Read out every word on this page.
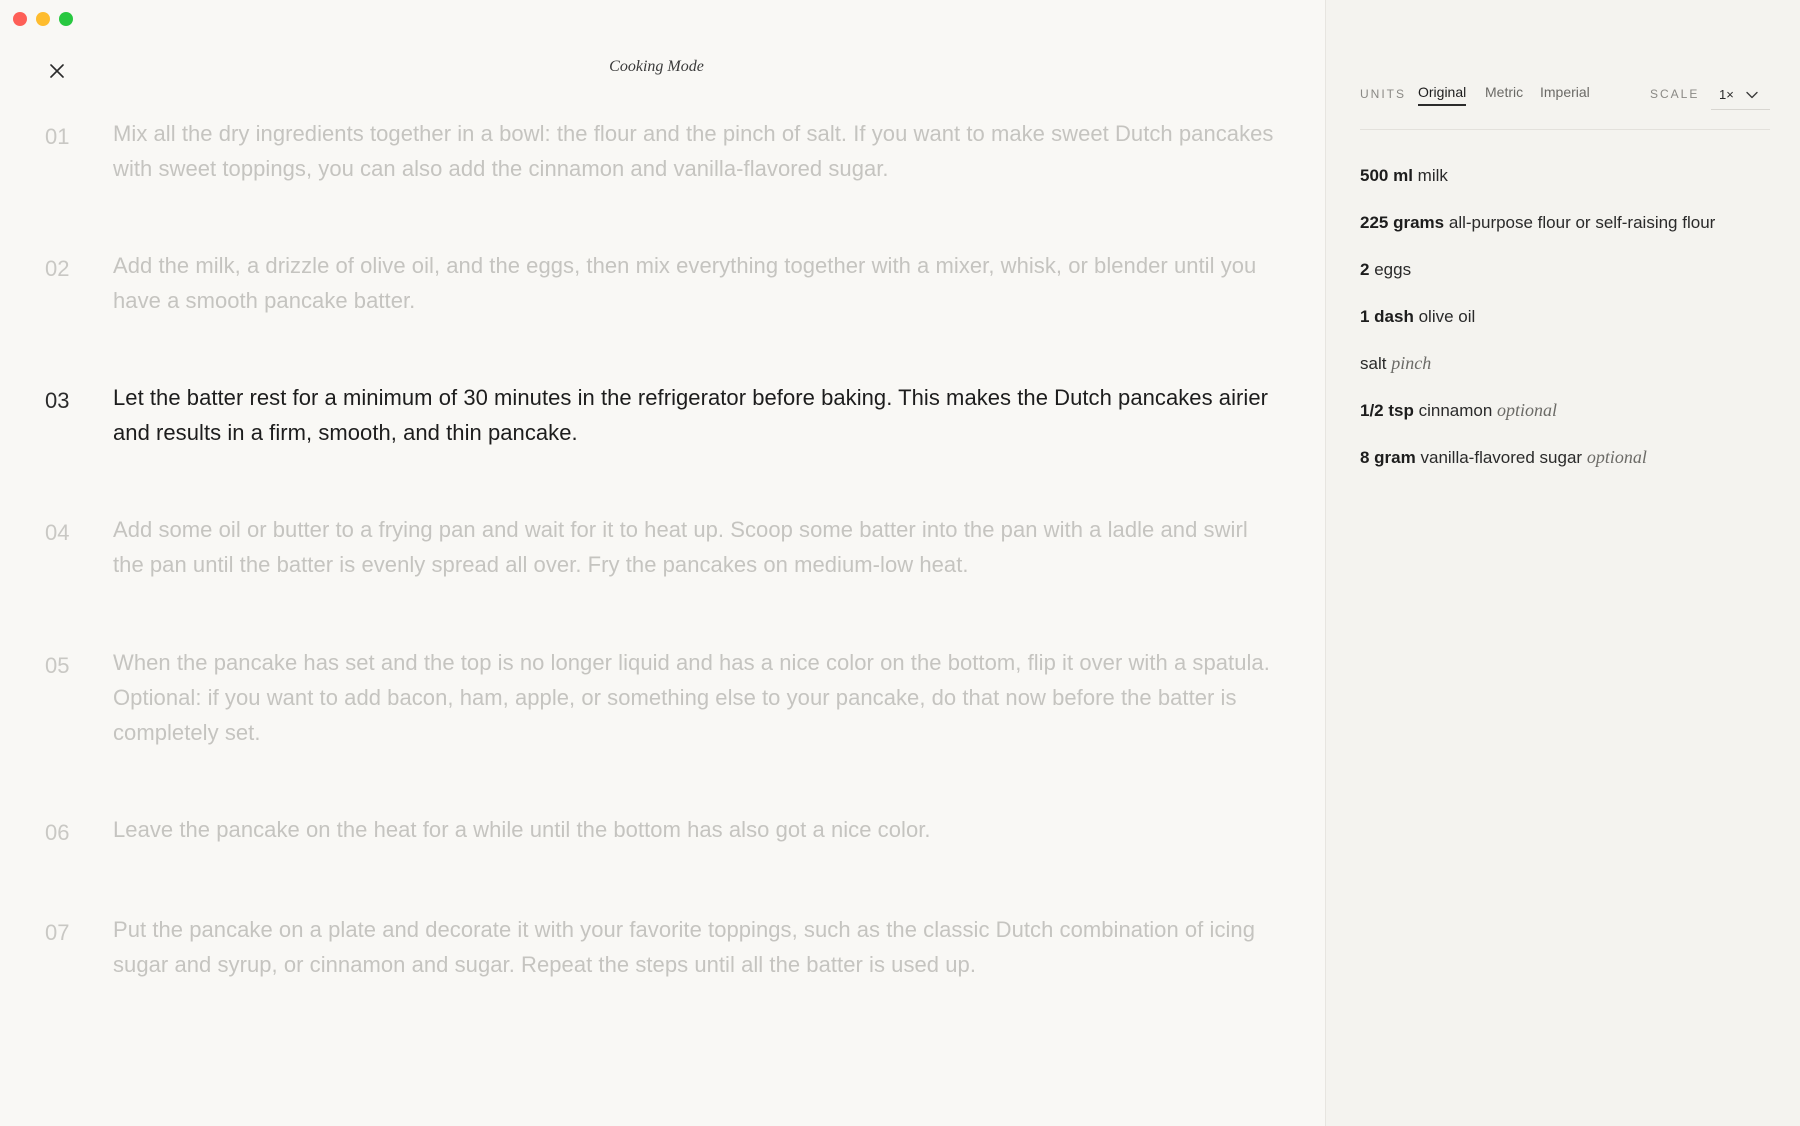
Cooking Mode
01	Mix all the dry ingredients together in a bowl: the flour and the pinch of salt. If you want to make sweet Dutch pancakes with sweet toppings, you can also add the cinnamon and vanilla-flavored sugar.
02	Add the milk, a drizzle of olive oil, and the eggs, then mix everything together with a mixer, whisk, or blender until you have a smooth pancake batter.
03	Let the batter rest for a minimum of 30 minutes in the refrigerator before baking. This makes the Dutch pancakes airier and results in a firm, smooth, and thin pancake.
04	Add some oil or butter to a frying pan and wait for it to heat up. Scoop some batter into the pan with a ladle and swirl the pan until the batter is evenly spread all over. Fry the pancakes on medium-low heat.
05	When the pancake has set and the top is no longer liquid and has a nice color on the bottom, flip it over with a spatula. Optional: if you want to add bacon, ham, apple, or something else to your pancake, do that now before the batter is completely set.
06	Leave the pancake on the heat for a while until the bottom has also got a nice color.
07	Put the pancake on a plate and decorate it with your favorite toppings, such as the classic Dutch combination of icing sugar and syrup, or cinnamon and sugar. Repeat the steps until all the batter is used up.
UNITS Original Metric Imperial	SCALE 1×
500 ml milk
225 grams all-purpose flour or self-raising flour
2 eggs
1 dash olive oil
salt pinch
1/2 tsp cinnamon optional
8 gram vanilla-flavored sugar optional
